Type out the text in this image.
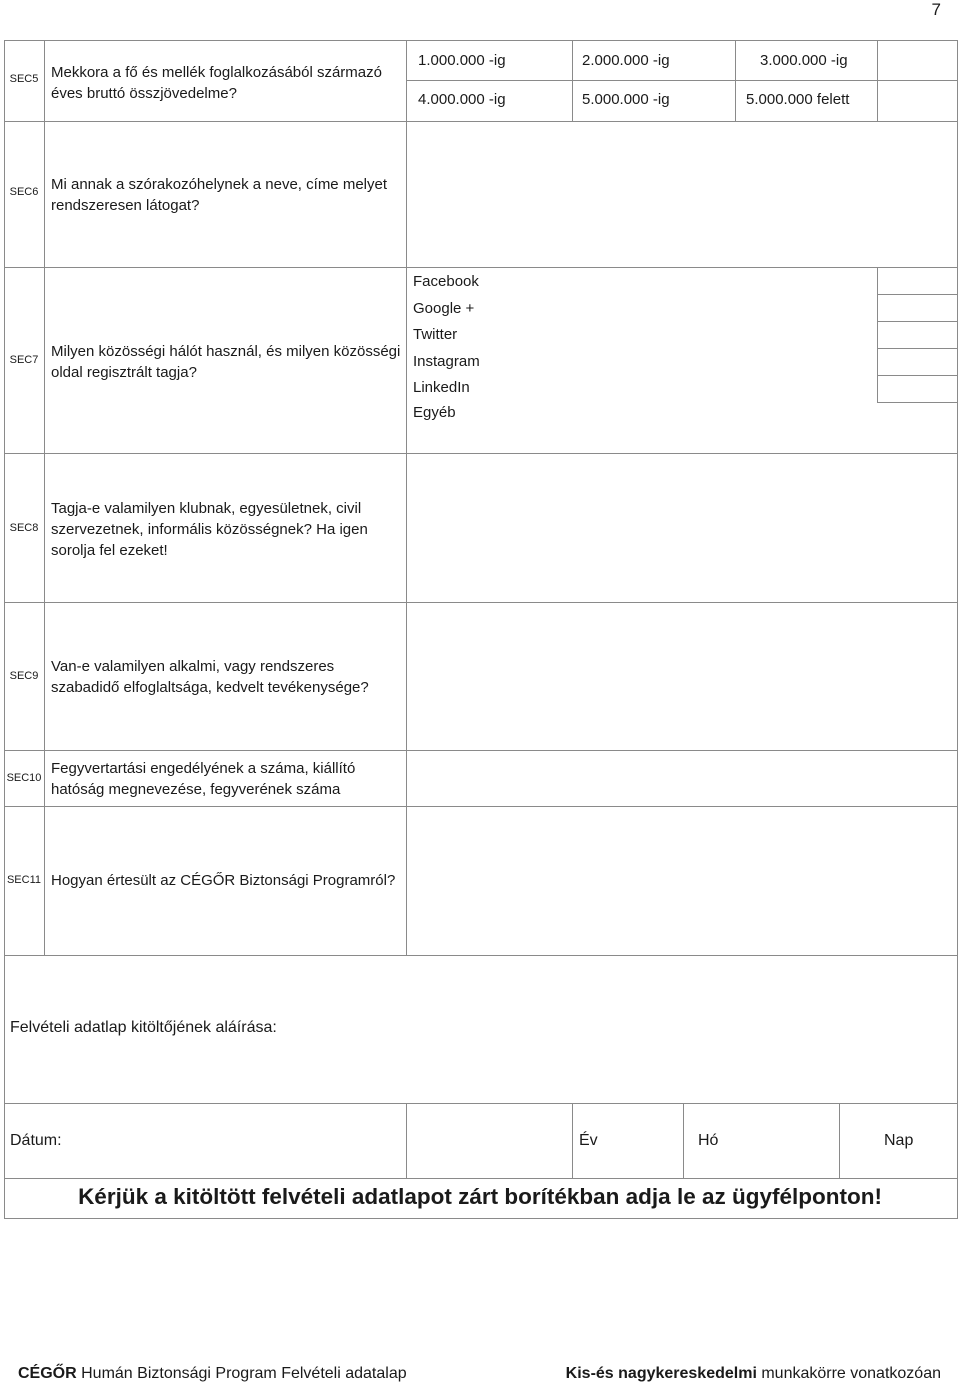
7
SEC5 Mekkora a fő és mellék foglalkozásából származó éves bruttó összjövedelme?
1.000.000 -ig	2.000.000 -ig	3.000.000 -ig
4.000.000 -ig	5.000.000 -ig	5.000.000 felett
SEC6 Mi annak a szórakozóhelynek a neve, címe melyet rendszeresen látogat?
SEC7 Milyen közösségi hálót használ, és milyen közösségi oldal regisztrált tagja?
Facebook
Google +
Twitter
Instagram
LinkedIn
Egyéb
SEC8
Tagja-e valamilyen klubnak, egyesületnek, civil szervezetnek, informális közösségnek? Ha igen sorolja fel ezeket!
SEC9
Van-e valamilyen alkalmi, vagy rendszeres szabadidő elfoglaltsága, kedvelt tevékenysége?
SEC10
Fegyvertartási engedélyének a száma, kiállító hatóság megnevezése, fegyverének száma
SEC11 Hogyan értesült az CÉGŐR Biztonsági Programról?
Felvételi adatlap kitöltőjének aláírása:
Dátum:	Év	Hó	Nap
Kérjük a kitöltött felvételi adatlapot zárt borítékban adja le az ügyfélponton!
CÉGŐR Humán Biztonsági Program Felvételi adatalap	Kis-és nagykereskedelmi munkakörre vonatkozóan
